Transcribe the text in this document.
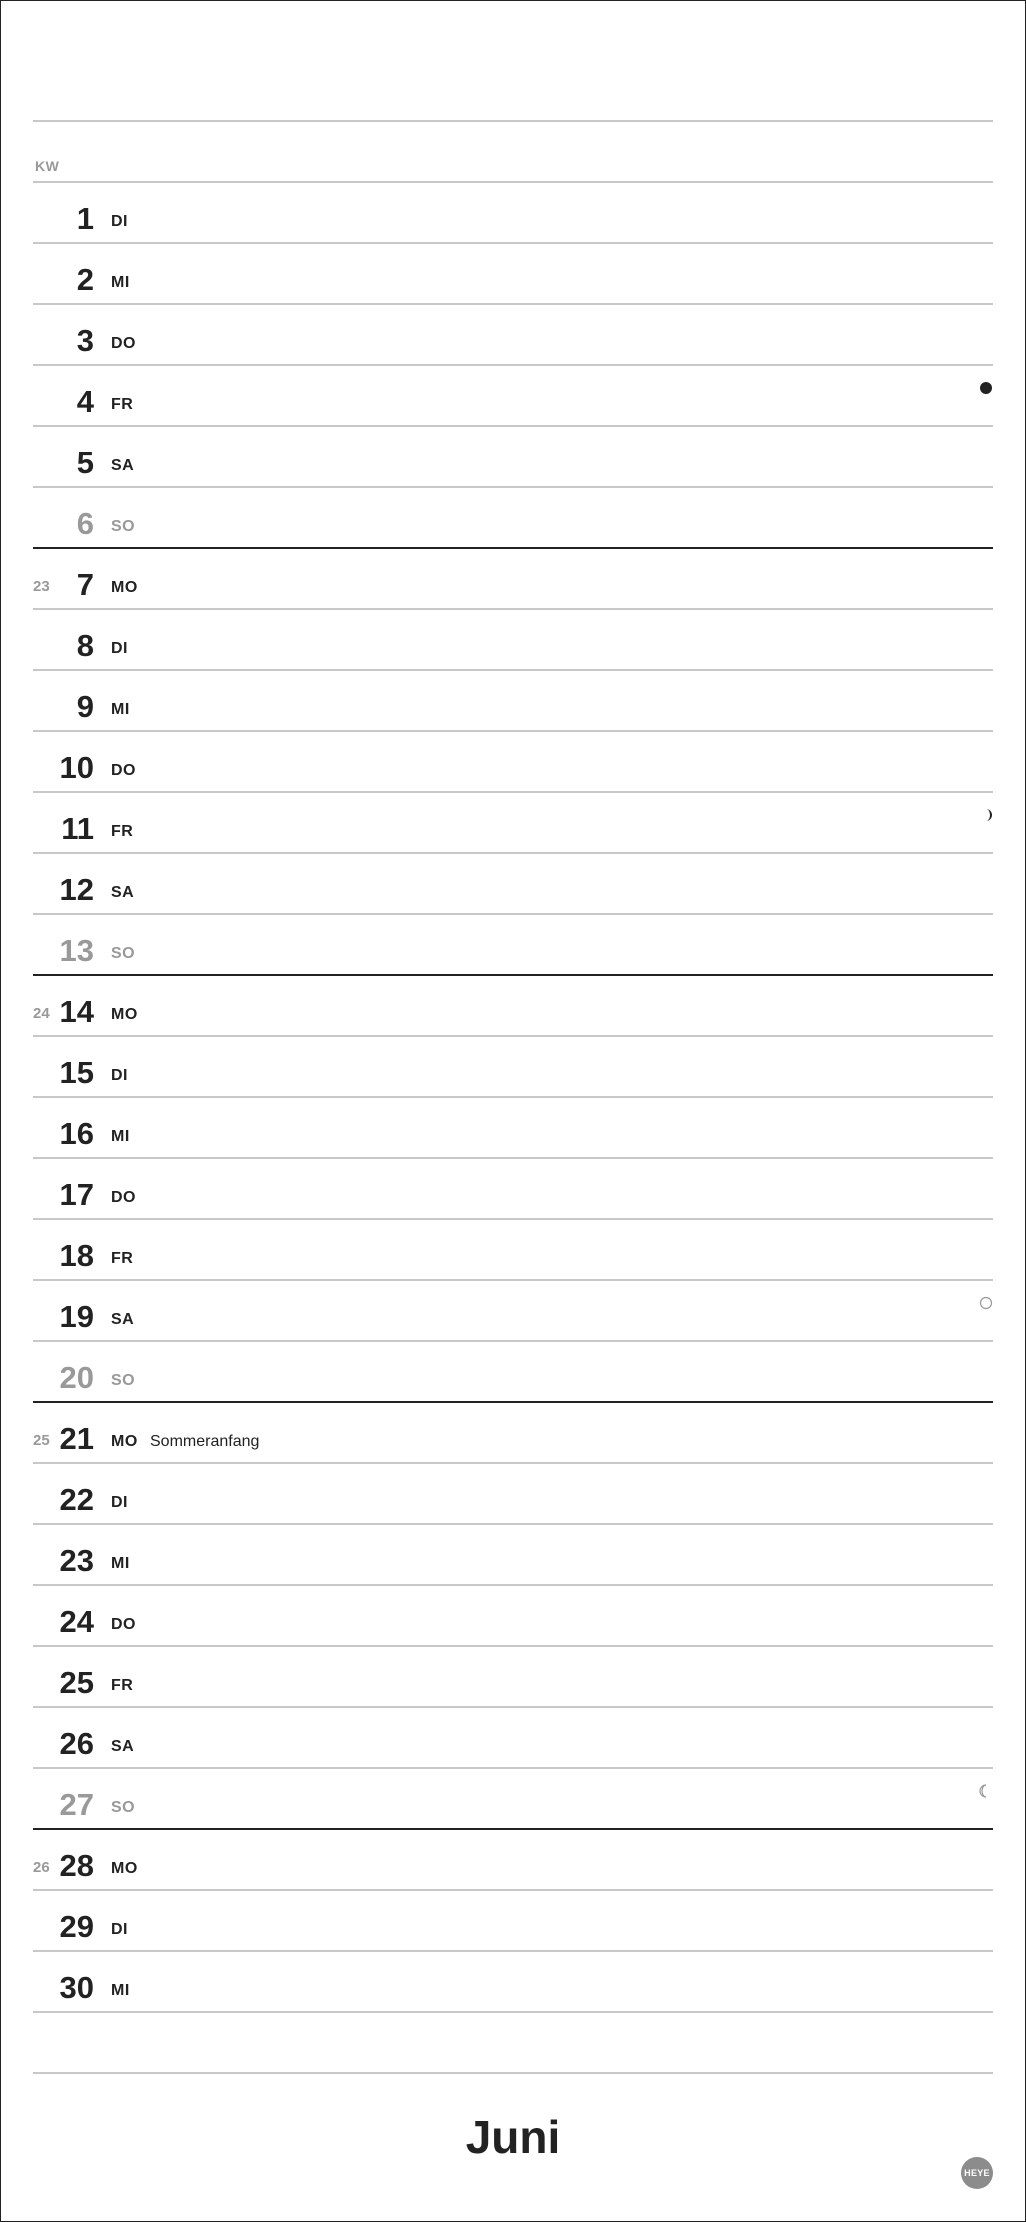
KW
1 DI
2 MI
3 DO
4 FR
5 SA
6 SO
23 7 MO
8 DI
9 MI
10 DO
11 FR
12 SA
13 SO
24 14 MO
15 DI
16 MI
17 DO
18 FR
19 SA
20 SO
25 21 MO Sommeranfang
22 DI
23 MI
24 DO
25 FR
26 SA
27 SO
26 28 MO
29 DI
30 MI
Juni
HEYE
